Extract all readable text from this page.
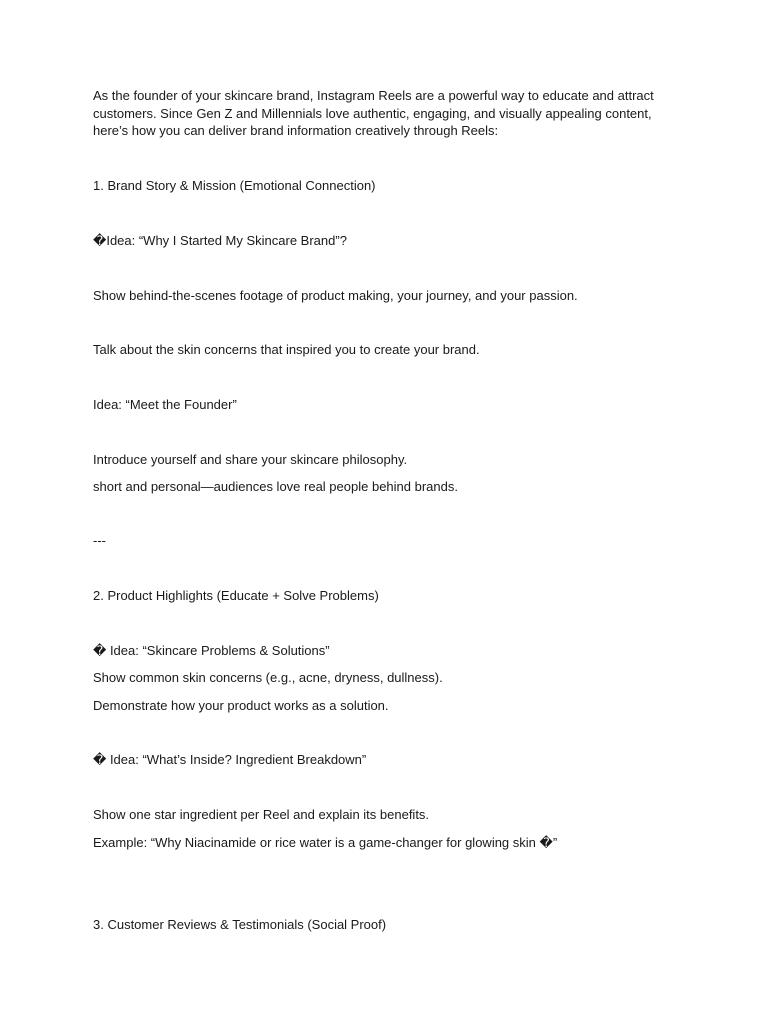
As the founder of your skincare brand, Instagram Reels are a powerful way to educate and attract
customers. Since Gen Z and Millennials love authentic, engaging, and visually appealing content,
here’s how you can deliver brand information creatively through Reels:
1. Brand Story & Mission (Emotional Connection)
�Idea: “Why I Started My Skincare Brand”?
Show behind-the-scenes footage of product making, your journey, and your passion.
Talk about the skin concerns that inspired you to create your brand.
Idea: “Meet the Founder”
Introduce yourself and share your skincare philosophy.
short and personal—audiences love real people behind brands.
---
2. Product Highlights (Educate + Solve Problems)
� Idea: “Skincare Problems & Solutions”
Show common skin concerns (e.g., acne, dryness, dullness).
Demonstrate how your product works as a solution.
� Idea: “What’s Inside? Ingredient Breakdown”
Show one star ingredient per Reel and explain its benefits.
Example: “Why Niacinamide or rice water is a game-changer for glowing skin �”
3. Customer Reviews & Testimonials (Social Proof)
